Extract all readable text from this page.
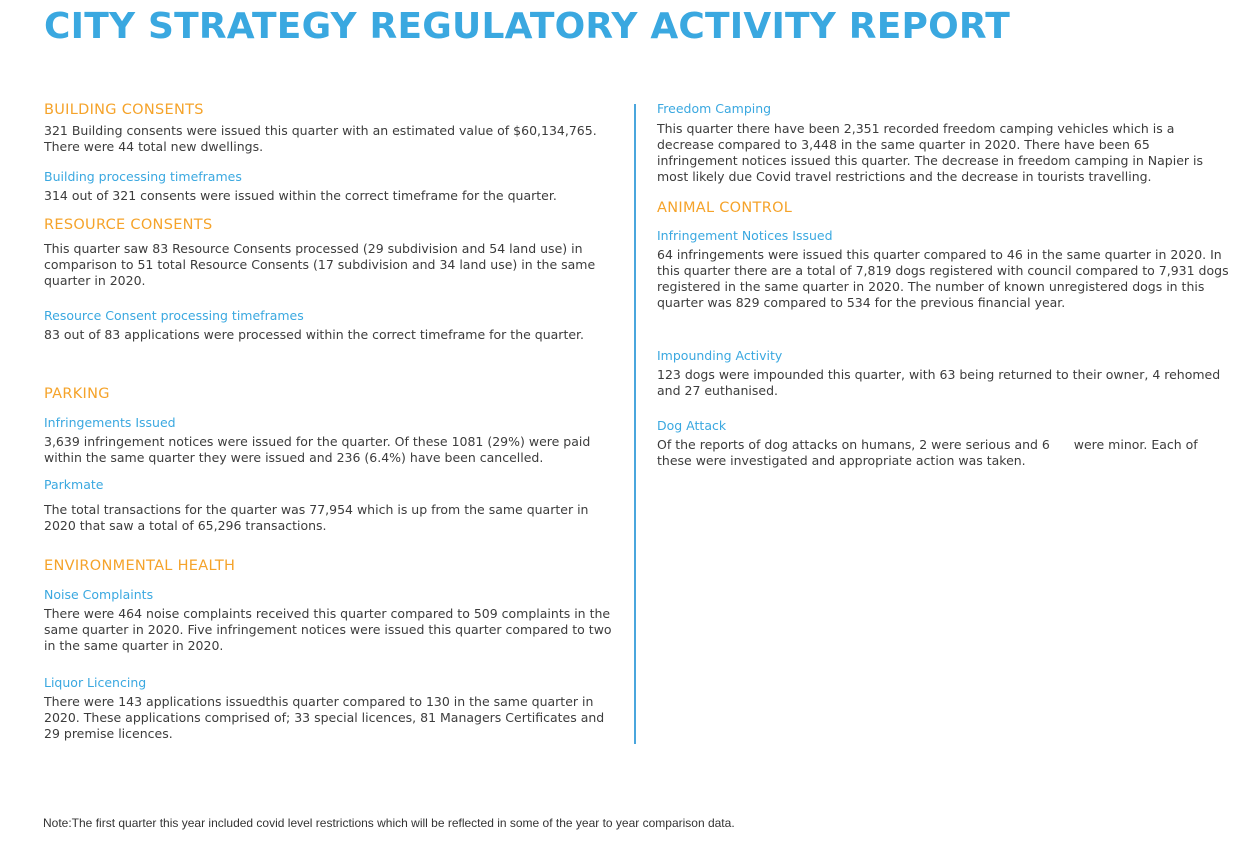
CITY STRATEGY REGULATORY ACTIVITY REPORT
BUILDING CONSENTS

321 Building consents were issued this quarter with an estimated value of $60,134,765. There were 44 total new dwellings.

Building processing timeframes

314 out of 321 consents were issued within the correct timeframe for the quarter.

RESOURCE CONSENTS

This quarter saw 83 Resource Consents processed (29 subdivision and 54 land use) in comparison to 51 total Resource Consents (17 subdivision and 34 land use) in the same quarter in 2020.

Resource Consent processing timeframes

83 out of 83 applications were processed within the correct timeframe for the quarter.

PARKING
Infringements Issued

3,639 infringement notices were issued for the quarter. Of these 1081 (29%) were paid within the same quarter they were issued and 236 (6.4%) have been cancelled.

Parkmate

The total transactions for the quarter was 77,954 which is up from the same quarter in 2020 that saw a total of 65,296 transactions.

ENVIRONMENTAL HEALTH
Noise Complaints

There were 464 noise complaints received this quarter compared to 509 complaints in the same quarter in 2020. Five infringement notices were issued this quarter compared to two in the same quarter in 2020.

Liquor Licencing

There were 143 applications issuedthis quarter compared to 130 in the same quarter in 2020. These applications comprised of; 33 special licences, 81 Managers Certificates and 29 premise licences.

Freedom Camping

This quarter there have been 2,351 recorded freedom camping vehicles which is a decrease compared to 3,448 in the same quarter in 2020. There have been 65 infringement notices issued this quarter. The decrease in freedom camping in Napier is most likely due Covid travel restrictions and the decrease in tourists travelling.

ANIMAL CONTROL
Infringement Notices Issued

64 infringements were issued this quarter compared to 46 in the same quarter in 2020. In this quarter there are a total of 7,819 dogs registered with council compared to 7,931 dogs registered in the same quarter in 2020. The number of known unregistered dogs in this quarter was 829 compared to 534 for the previous financial year.

Impounding Activity

123 dogs were impounded this quarter, with 63 being returned to their owner, 4 rehomed and 27 euthanised.

Dog Attack

Of the reports of dog attacks on humans, 2 were serious and 6      were minor. Each of these were investigated and appropriate action was taken.

Note:The first quarter this year included covid level restrictions which will be reflected in some of the year to year comparison data.
